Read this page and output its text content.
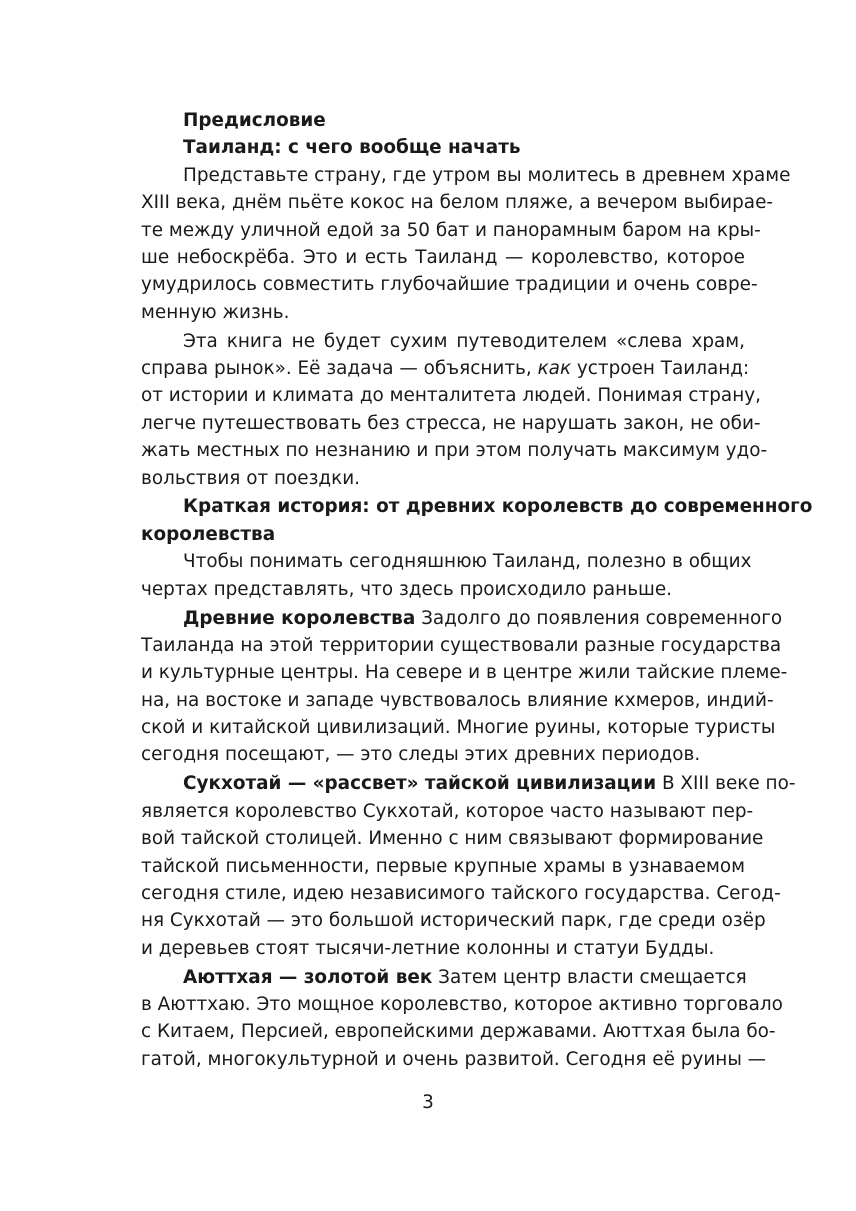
Предисловие
Таиланд: с чего вообще начать
Представьте страну, где утром вы молитесь в древнем храме
XIII века, днём пьёте кокос на белом пляже, а вечером выбирае-
те между уличной едой за 50 бат и панорамным баром на кры-
ше небоскрёба. Это и есть Таиланд — королевство, которое
умудрилось совместить глубочайшие традиции и очень совре-
менную жизнь.
Эта книга не будет сухим путеводителем «слева храм,
справа рынок». Её задача — объяснить, как устроен Таиланд:
от истории и климата до менталитета людей. Понимая страну,
легче путешествовать без стресса, не нарушать закон, не оби-
жать местных по незнанию и при этом получать максимум удо-
вольствия от поездки.
Краткая история: от древних королевств до современного
королевства
Чтобы понимать сегодняшнюю Таиланд, полезно в общих
чертах представлять, что здесь происходило раньше.
Древние королевства Задолго до появления современного
Таиланда на этой территории существовали разные государства
и культурные центры. На севере и в центре жили тайские племе-
на, на востоке и западе чувствовалось влияние кхмеров, индий-
ской и китайской цивилизаций. Многие руины, которые туристы
сегодня посещают, — это следы этих древних периодов.
Сукхотай — «рассвет» тайской цивилизации В XIII веке по-
является королевство Сукхотай, которое часто называют пер-
вой тайской столицей. Именно с ним связывают формирование
тайской письменности, первые крупные храмы в узнаваемом
сегодня стиле, идею независимого тайского государства. Сегод-
ня Сукхотай — это большой исторический парк, где среди озёр
и деревьев стоят тысячи-летние колонны и статуи Будды.
Аюттхая — золотой век Затем центр власти смещается
в Аюттхаю. Это мощное королевство, которое активно торговало
с Китаем, Персией, европейскими державами. Аюттхая была бо-
гатой, многокультурной и очень развитой. Сегодня её руины —
3
